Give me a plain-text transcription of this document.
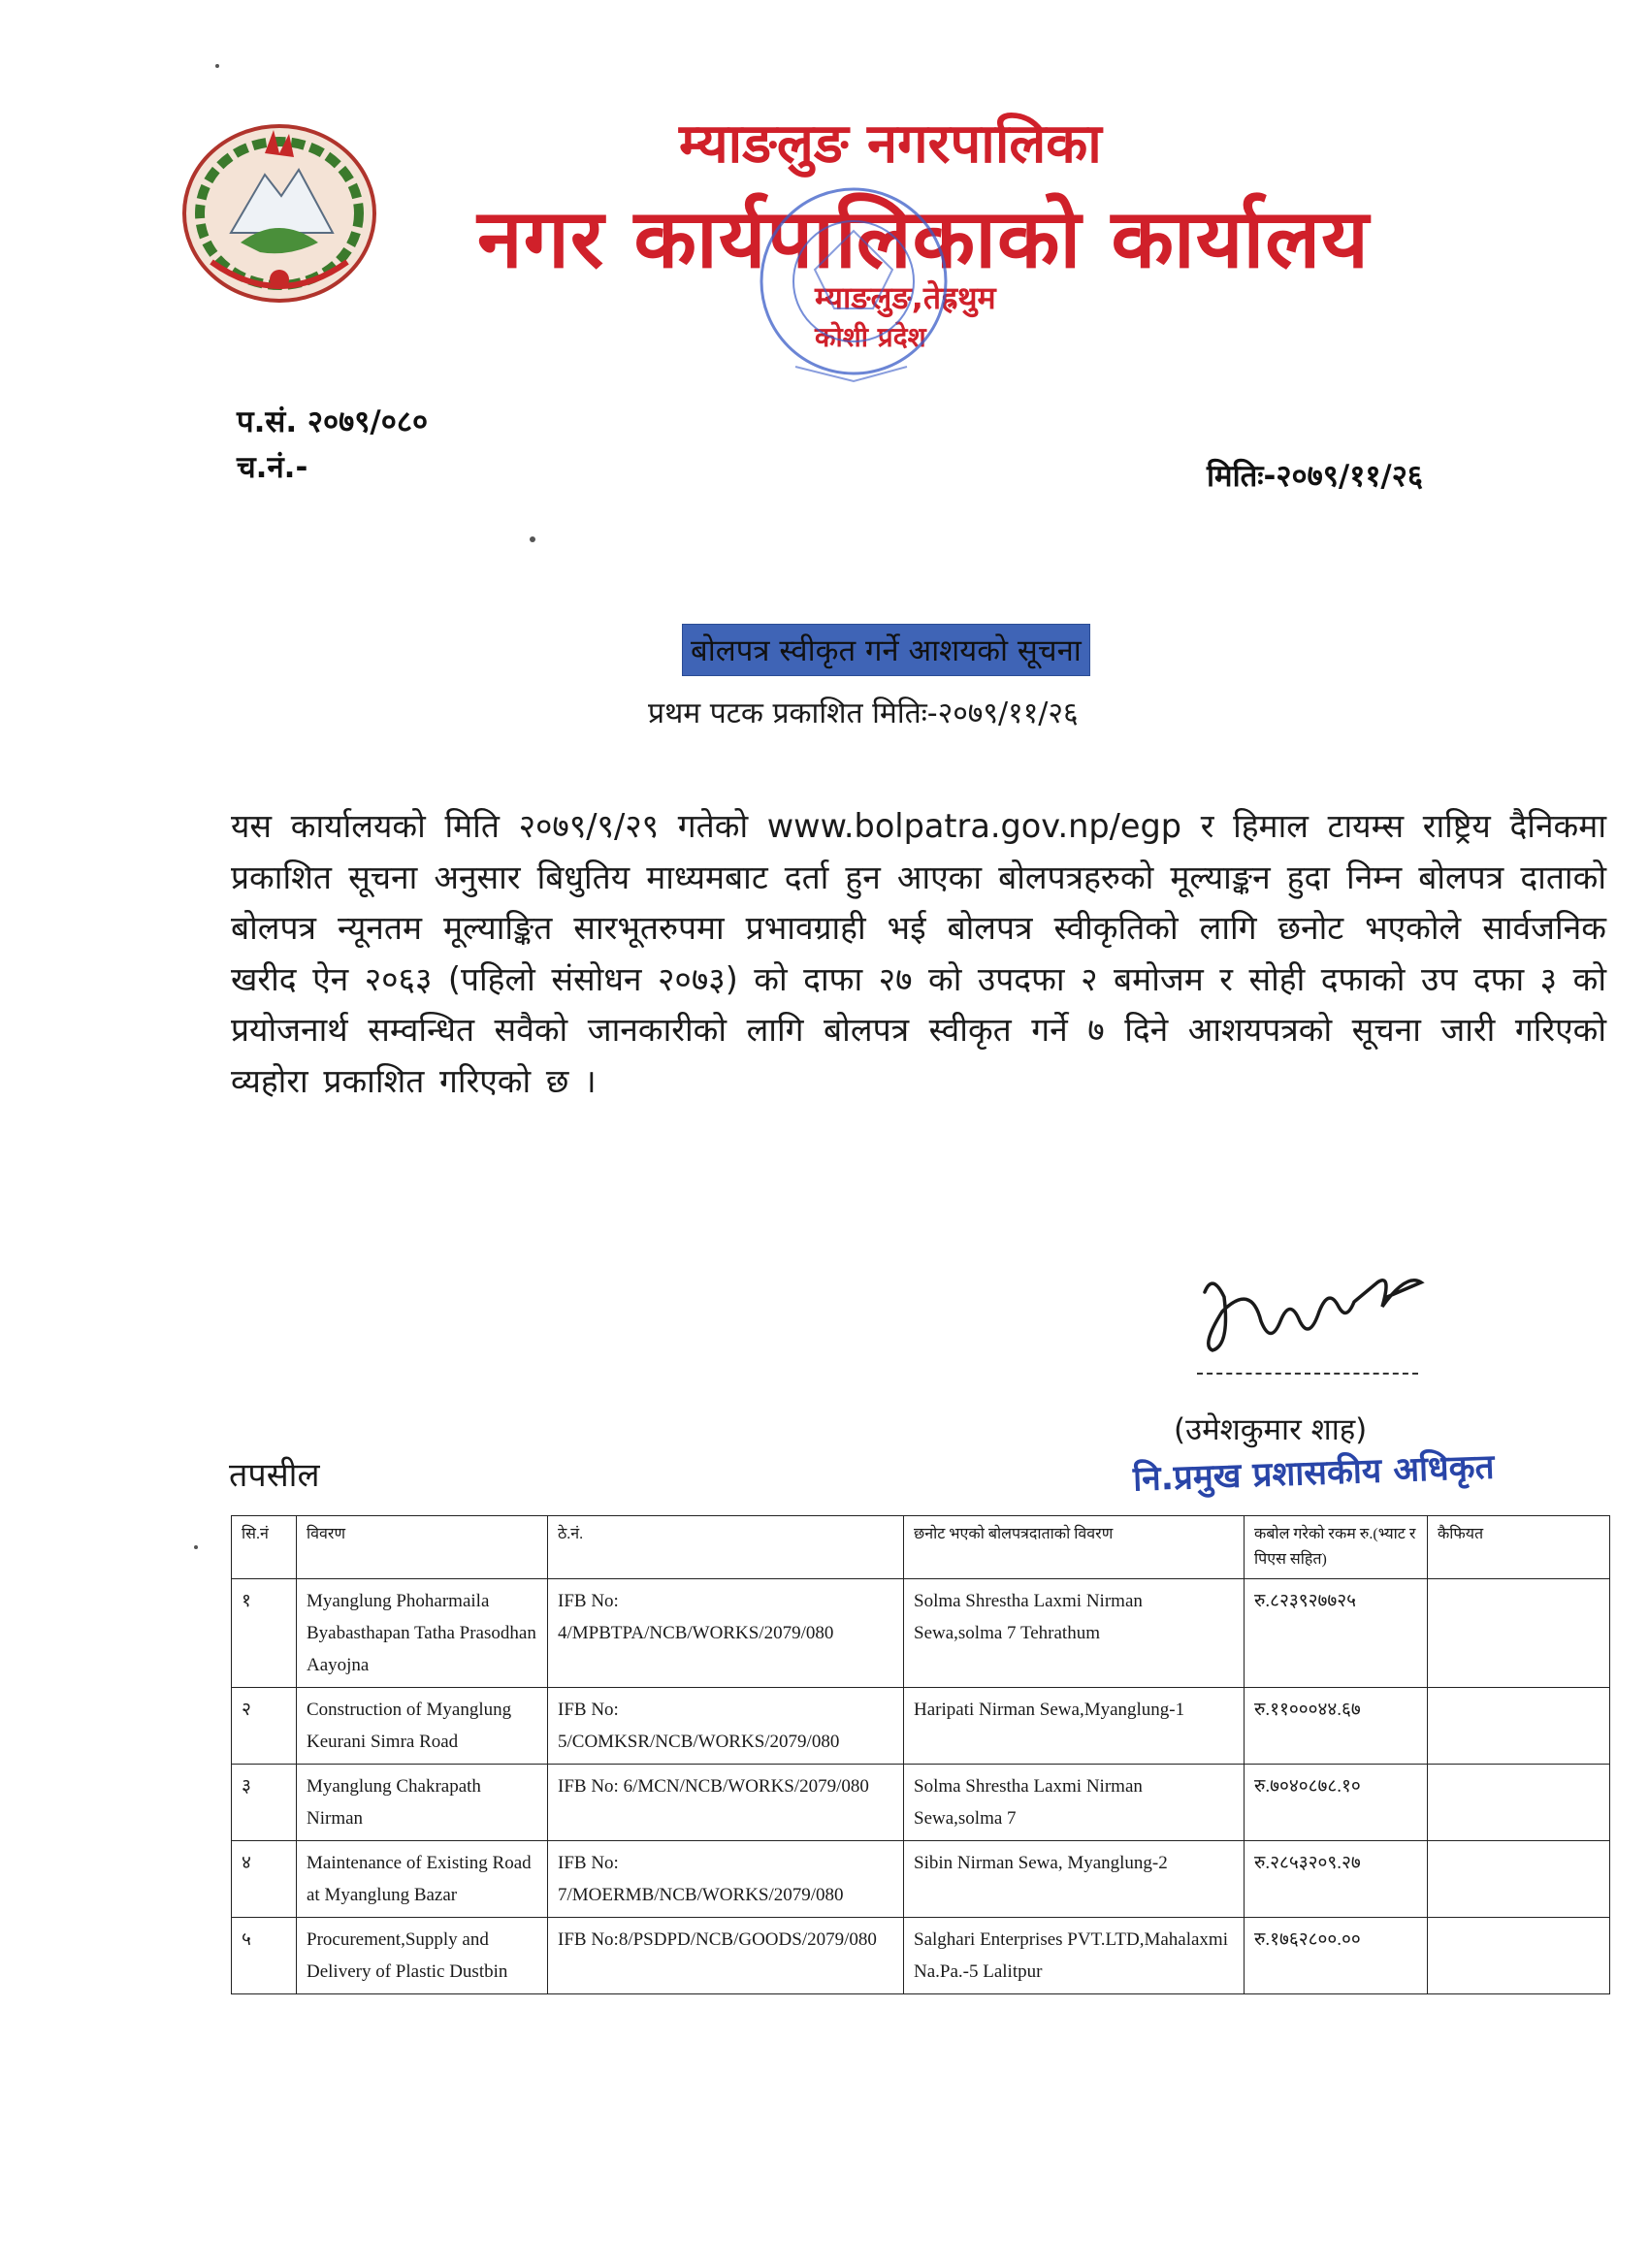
म्याङलुङ नगरपालिका
नगर कार्यपालिकाको कार्यालय
म्याङलुङ,तेह्रथुम
कोशी प्रदेश
प.सं. २०७९/०८०
च.नं.-	मितिः-२०७९/११/२६
बोलपत्र स्वीकृत गर्ने आशयको सूचना
प्रथम पटक प्रकाशित मितिः-२०७९/११/२६
यस कार्यालयको मिति २०७९/९/२९ गतेको www.bolpatra.gov.np/egp र हिमाल टायम्स राष्ट्रिय दैनिकमा प्रकाशित सूचना अनुसार बिधुतिय माध्यमबाट दर्ता हुन आएका बोलपत्रहरुको मूल्याङ्कन हुदा निम्न बोलपत्र दाताको बोलपत्र न्यूनतम मूल्याङ्कित सारभूतरुपमा प्रभावग्राही भई बोलपत्र स्वीकृतिको लागि छनोट भएकोले सार्वजनिक खरीद ऐन २०६३ (पहिलो संसोधन २०७३) को दाफा २७ को उपदफा २ बमोजम र सोही दफाको उप दफा ३ को प्रयोजनार्थ सम्वन्धित सवैको जानकारीको लागि बोलपत्र स्वीकृत गर्ने ७ दिने आशयपत्रको सूचना जारी गरिएको व्यहोरा प्रकाशित गरिएको छ ।
(उमेशकुमार शाह)
नि.प्रमुख प्रशासकीय अधिकृत
तपसील
सि.नं	विवरण	ठे.नं.	छनोट भएको बोलपत्रदाताको विवरण	कबोल गरेको रकम रु.(भ्याट र पिएस सहित)	कैफियत
१	Myanglung Phoharmaila Byabasthapan Tatha Prasodhan Aayojna	IFB No: 4/MPBTPA/NCB/WORKS/2079/080	Solma Shrestha Laxmi Nirman Sewa,solma 7 Tehrathum	रु.८२३९२७७२५	
२	Construction of Myanglung Keurani Simra Road	IFB No: 5/COMKSR/NCB/WORKS/2079/080	Haripati Nirman Sewa,Myanglung-1	रु.११०००४४.६७	
३	Myanglung Chakrapath Nirman	IFB No: 6/MCN/NCB/WORKS/2079/080	Solma Shrestha Laxmi Nirman Sewa,solma 7	रु.७०४०८७८.१०	
४	Maintenance of Existing Road at Myanglung Bazar	IFB No: 7/MOERMB/NCB/WORKS/2079/080	Sibin Nirman Sewa, Myanglung-2	रु.२८५३२०९.२७	
५	Procurement,Supply and Delivery of Plastic Dustbin	IFB No:8/PSDPD/NCB/GOODS/2079/080	Salghari Enterprises PVT.LTD,Mahalaxmi Na.Pa.-5 Lalitpur	रु.१७६२८००.००	
